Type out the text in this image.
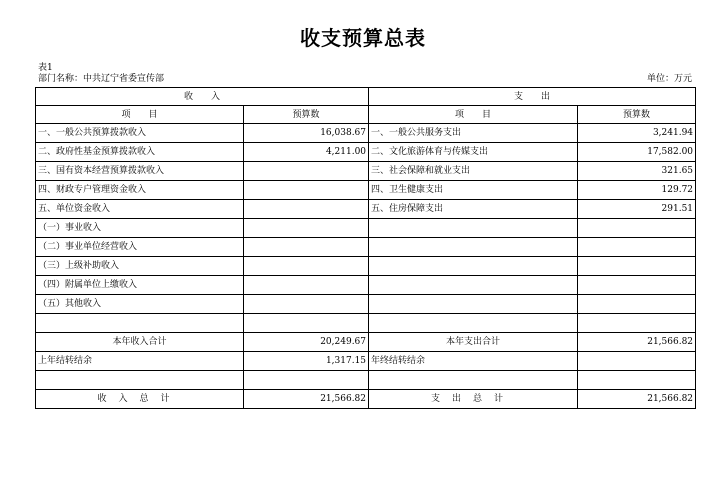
收支预算总表
表1
部门名称：中共辽宁省委宣传部	单位：万元
收　　入		支　　出	
项　　目	预算数	项　　目	预算数
一、一般公共预算拨款收入	16,038.67	一、一般公共服务支出	3,241.94
二、政府性基金预算拨款收入	4,211.00	二、文化旅游体育与传媒支出	17,582.00
三、国有资本经营预算拨款收入		三、社会保障和就业支出	321.65
四、财政专户管理资金收入		四、卫生健康支出	129.72
五、单位资金收入		五、住房保障支出	291.51
（一）事业收入			
（二）事业单位经营收入			
（三）上级补助收入			
（四）附属单位上缴收入			
（五）其他收入			

本年收入合计	20,249.67	本年支出合计	21,566.82
上年结转结余	1,317.15	年终结转结余	

收入总计	21,566.82	支出总计	21,566.82
